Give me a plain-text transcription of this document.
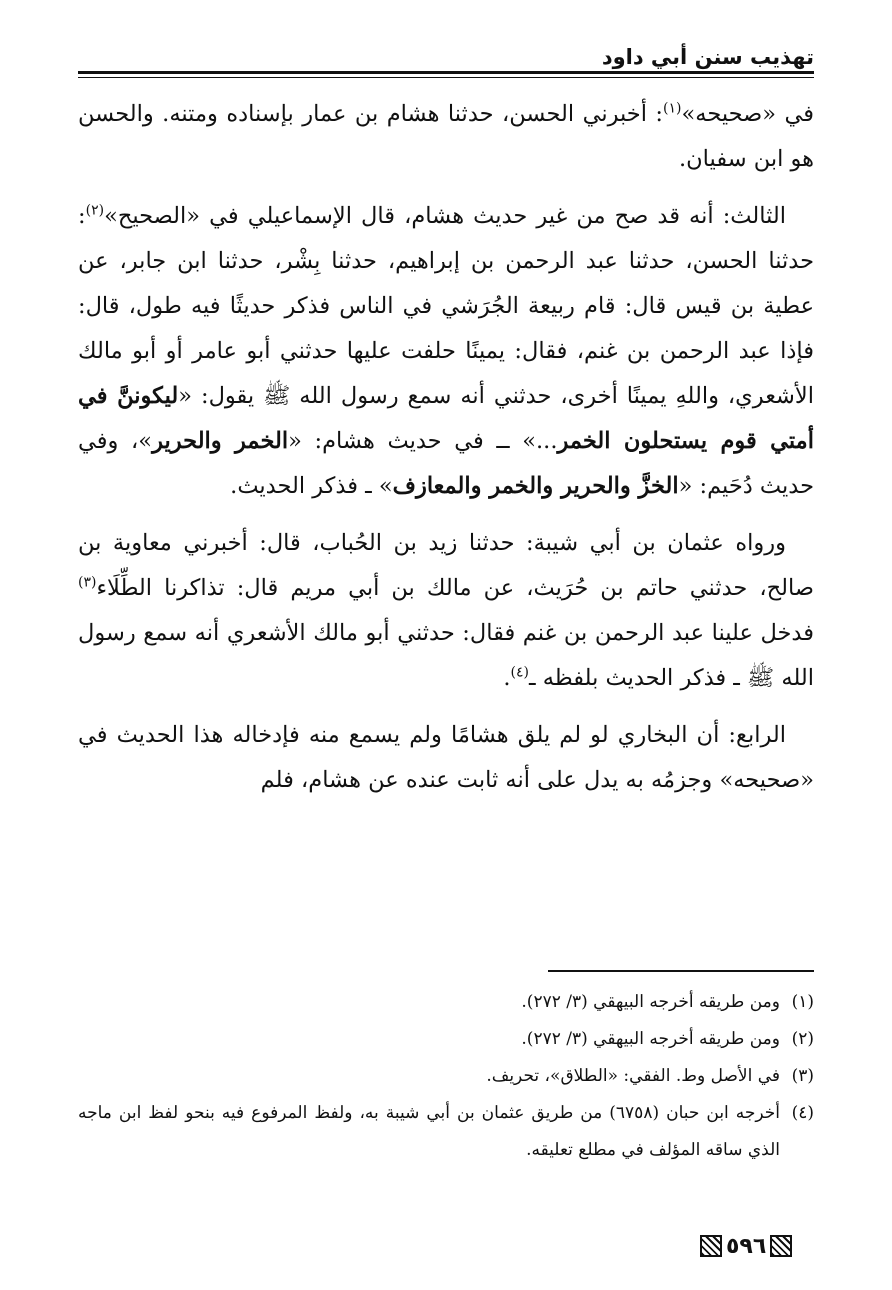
تهذيب سنن أبي داود

في «صحيحه»$^{(١)}$: أخبرني الحسن، حدثنا هشام بن عمار بإسناده ومتنه. والحسن هو ابن سفيان.

الثالث: أنه قد صح من غير حديث هشام، قال الإسماعيلي في «الصحيح»$^{(٢)}$: حدثنا الحسن، حدثنا عبد الرحمن بن إبراهيم، حدثنا بِشْر، حدثنا ابن جابر، عن عطية بن قيس قال: قام ربيعة الجُرَشي في الناس فذكر حديثًا فيه طول، قال: فإذا عبد الرحمن بن غنم، فقال: يمينًا حلفت عليها حدثني أبو عامر أو أبو مالك الأشعري، واللهِ يمينًا أخرى، حدثني أنه سمع رسول الله ﷺ يقول: «ليكوننَّ في أمتي قوم يستحلون الخمر...» ــ في حديث هشام: «الخمر والحرير»، وفي حديث دُحَيم: «الخزَّ والحرير والخمر والمعازف» ـ فذكر الحديث.

ورواه عثمان بن أبي شيبة: حدثنا زيد بن الحُباب، قال: أخبرني معاوية بن صالح، حدثني حاتم بن حُرَيث، عن مالك بن أبي مريم قال: تذاكرنا الطِّلَاء$^{(٣)}$ فدخل علينا عبد الرحمن بن غنم فقال: حدثني أبو مالك الأشعري أنه سمع رسول الله ﷺ ـ فذكر الحديث بلفظه ـ$^{(٤)}$.

الرابع: أن البخاري لو لم يلق هشامًا ولم يسمع منه فإدخاله هذا الحديث في «صحيحه» وجزمُه به يدل على أنه ثابت عنده عن هشام، فلم

(١)
ومن طريقه أخرجه البيهقي (٣/ ٢٧٢).
(٢)
ومن طريقه أخرجه البيهقي (٣/ ٢٧٢).
(٣)
في الأصل وط. الفقي: «الطلاق»، تحريف.
(٤)
أخرجه ابن حبان (٦٧٥٨) من طريق عثمان بن أبي شيبة به، ولفظ المرفوع فيه بنحو لفظ ابن ماجه الذي ساقه المؤلف في مطلع تعليقه.
٥٩٦
